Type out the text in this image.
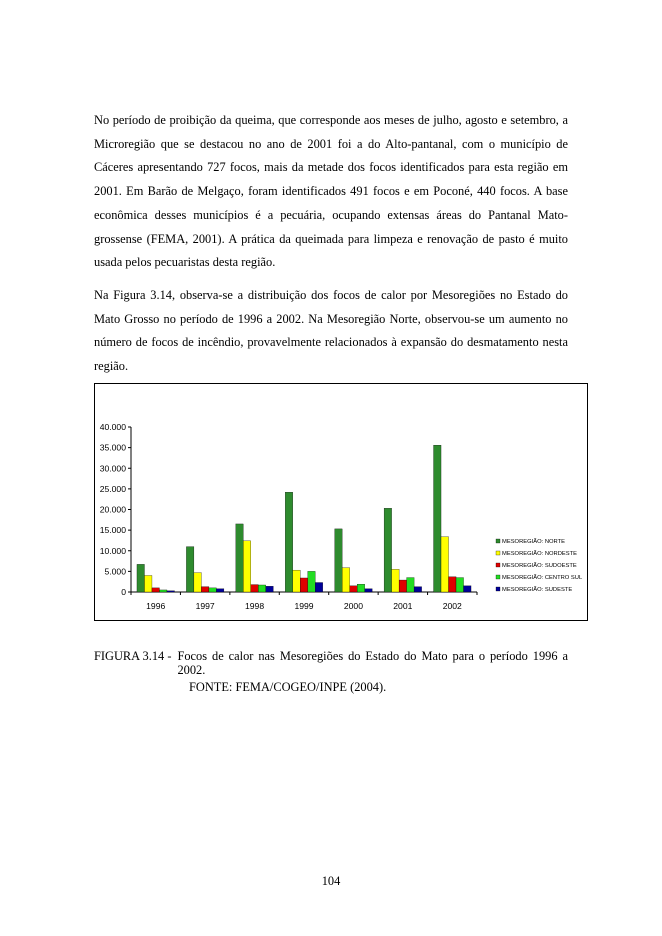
No período de proibição da queima, que corresponde aos meses de julho, agosto e setembro, a Microregião que se destacou no ano de 2001 foi a do Alto-pantanal, com o município de Cáceres apresentando 727 focos, mais da metade dos focos identificados para esta região em 2001. Em Barão de Melgaço, foram identificados 491 focos e em Poconé, 440 focos. A base econômica desses municípios é a pecuária, ocupando extensas áreas do Pantanal Mato-grossense (FEMA, 2001). A prática da queimada para limpeza e renovação de pasto é muito usada pelos pecuaristas desta região.

Na Figura 3.14, observa-se a distribuição dos focos de calor por Mesoregiões no Estado do Mato Grosso no período de 1996 a 2002. Na Mesoregião Norte, observou-se um aumento no número de focos de incêndio, provavelmente relacionados à expansão do desmatamento nesta região.

0
5.000
10.000
15.000
20.000
25.000
30.000
35.000
40.000
1996	1997	1998	1999	2000	2001	2002
MESOREGIÃO: NORTE
MESOREGIÃO: NORDESTE
MESOREGIÃO: SUDOESTE
MESOREGIÃO: CENTRO SUL
MESOREGIÃO: SUDESTE
FIGURA 3.14 - Focos de calor nas Mesoregiões do Estado do Mato para o período 1996 a 2002.
FONTE: FEMA/COGEO/INPE (2004).
104
